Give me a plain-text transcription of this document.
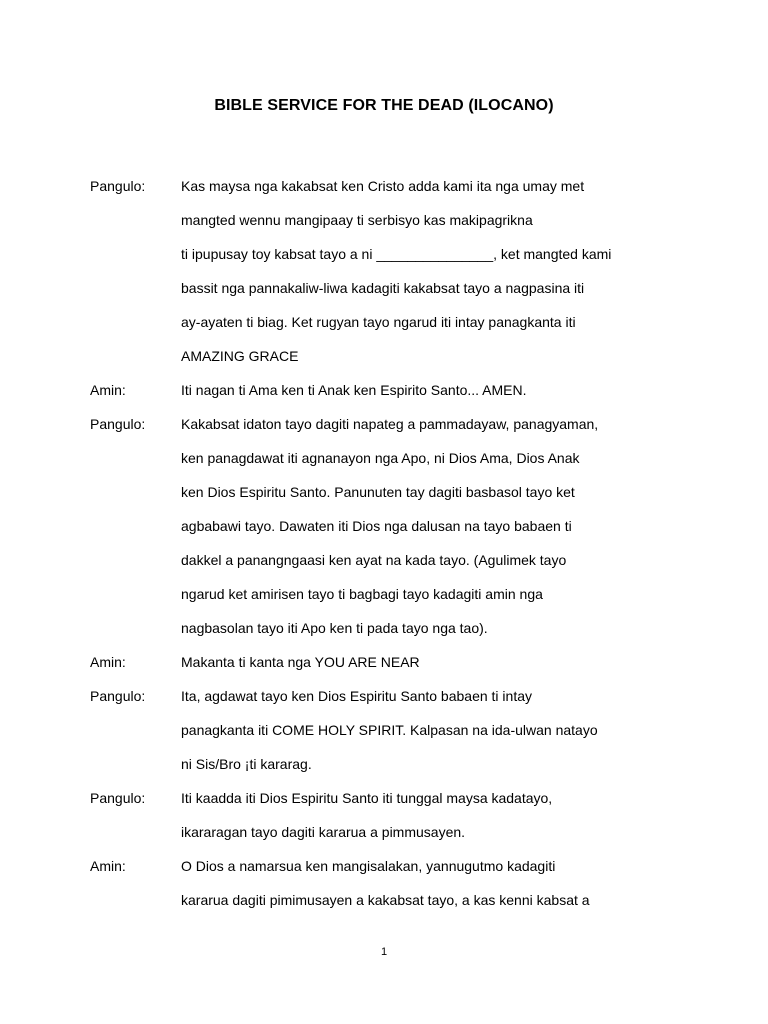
BIBLE SERVICE FOR THE DEAD (ILOCANO)
Pangulo:	Kas maysa nga kakabsat ken Cristo adda kami ita nga umay met
mangted wennu mangipaay ti serbisyo kas makipagrikna
ti ipupusay toy kabsat tayo a ni _______________, ket mangted kami
bassit nga pannakaliw-liwa kadagiti kakabsat tayo a nagpasina iti
ay-ayaten ti biag. Ket rugyan tayo ngarud iti intay panagkanta iti
AMAZING GRACE
Amin:	Iti nagan ti Ama ken ti Anak ken Espirito Santo... AMEN.
Pangulo:	Kakabsat idaton tayo dagiti napateg a pammadayaw, panagyaman,
ken panagdawat iti agnanayon nga Apo, ni Dios Ama, Dios Anak
ken Dios Espiritu Santo. Panunuten tay dagiti basbasol tayo ket
agbabawi tayo. Dawaten iti Dios nga dalusan na tayo babaen ti
dakkel a panangngaasi ken ayat na kada tayo. (Agulimek tayo
ngarud ket amirisen tayo ti bagbagi tayo kadagiti amin nga
nagbasolan tayo iti Apo ken ti pada tayo nga tao).
Amin:	Makanta ti kanta nga YOU ARE NEAR
Pangulo:	Ita, agdawat tayo ken Dios Espiritu Santo babaen ti intay
panagkanta iti COME HOLY SPIRIT. Kalpasan na ida-ulwan natayo
ni Sis/Bro ¡ti kararag.
Pangulo:	Iti kaadda iti Dios Espiritu Santo iti tunggal maysa kadatayo,
ikararagan tayo dagiti kararua a pimmusayen.
Amin:	O Dios a namarsua ken mangisalakan, yannugutmo kadagiti
kararua dagiti pimimusayen a kakabsat tayo, a kas kenni kabsat a
1
